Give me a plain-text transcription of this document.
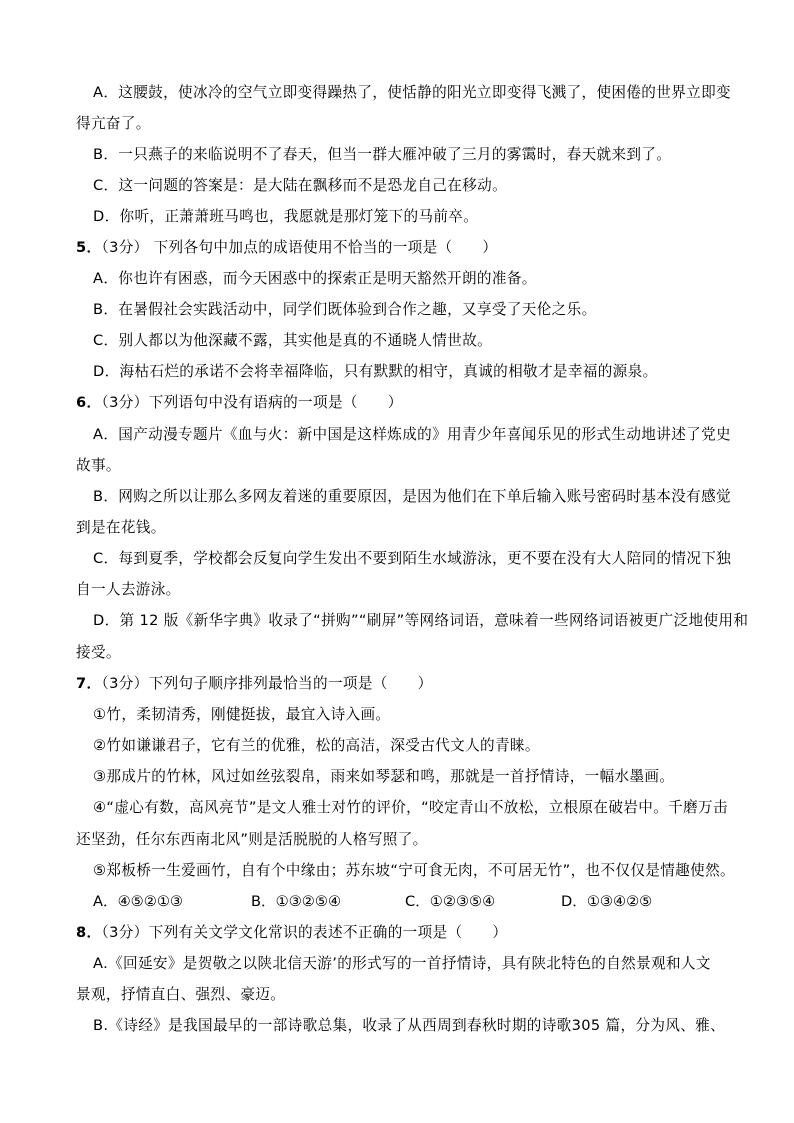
A．这腰鼓，使冰冷的空气立即变得躁热了，使恬静的阳光立即变得飞溅了，使困倦的世界立即变
得亢奋了。
B．一只燕子的来临说明不了春天，但当一群大雁冲破了三月的雾霭时，春天就来到了。
C．这一问题的答案是：是大陆在飘移而不是恐龙自己在移动。
D．你听，正萧萧班马鸣也，我愿就是那灯笼下的马前卒。
5．（3分） 下列各句中加点的成语使用不恰当的一项是（　　）
A．你也许有困惑，而今天困惑中的探索正是明天豁然开朗的准备。
B．在暑假社会实践活动中，同学们既体验到合作之趣，又享受了天伦之乐。
C．别人都以为他深藏不露，其实他是真的不通晓人情世故。
D．海枯石烂的承诺不会将幸福降临，只有默默的相守，真诚的相敬才是幸福的源泉。
6．（3分）下列语句中没有语病的一项是（　　）
A．国产动漫专题片《血与火：新中国是这样炼成的》用青少年喜闻乐见的形式生动地讲述了党史
故事。
B．网购之所以让那么多网友着迷的重要原因，是因为他们在下单后输入账号密码时基本没有感觉
到是在花钱。
C．每到夏季，学校都会反复向学生发出不要到陌生水域游泳，更不要在没有大人陪同的情况下独
自一人去游泳。
D．第 12 版《新华字典》收录了“拼购”“刷屏”等网络词语，意味着一些网络词语被更广泛地使用和
接受。
7．（3分）下列句子顺序排列最恰当的一项是（　　）
①竹，柔韧清秀，刚健挺拔，最宜入诗入画。
②竹如谦谦君子，它有兰的优雅，松的高洁，深受古代文人的青睐。
③那成片的竹林，风过如丝弦裂帛，雨来如琴瑟和鸣，那就是一首抒情诗，一幅水墨画。
④“虚心有数，高风亮节”是文人雅士对竹的评价，“咬定青山不放松，立根原在破岩中。千磨万击
还坚劲，任尔东西南北风”则是活脱脱的人格写照了。
⑤郑板桥一生爱画竹，自有个中缘由；苏东坡“宁可食无肉，不可居无竹”，也不仅仅是情趣使然。
A．④⑤②①③	B．①③②⑤④	C．①②③⑤④	D．①③④②⑤
8．（3分）下列有关文学文化常识的表述不正确的一项是（　　）
A.《回延安》是贺敬之以陕北信天游’的形式写的一首抒情诗，具有陕北特色的自然景观和人文
景观，抒情直白、强烈、豪迈。
B.《诗经》是我国最早的一部诗歌总集，收录了从西周到春秋时期的诗歌305 篇，分为风、雅、
